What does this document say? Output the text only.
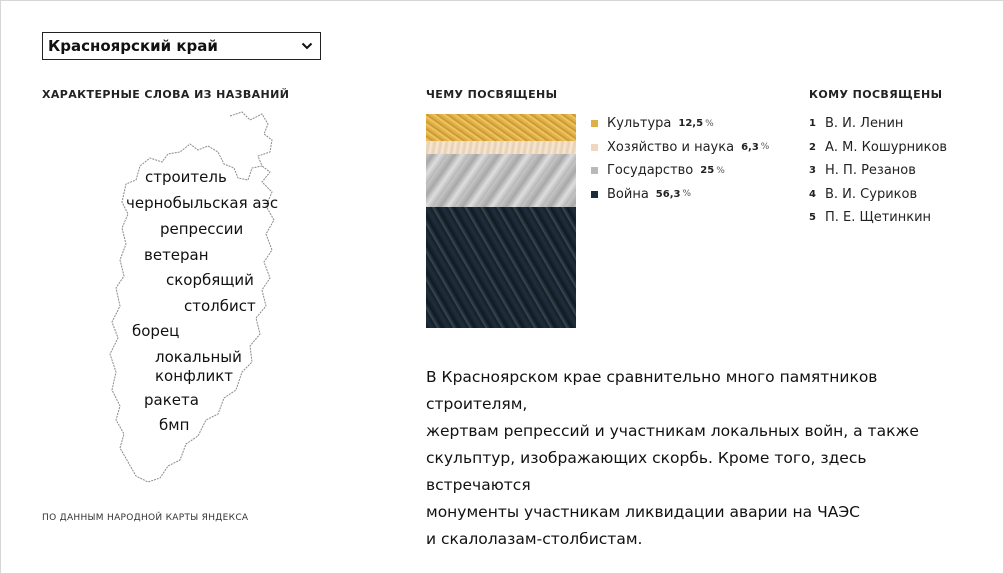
Красноярский край
ХАРАКТЕРНЫЕ СЛОВА ИЗ НАЗВАНИЙ
строитель
чернобыльская аэс
репрессии
ветеран
скорбящий
столбист
борец
локальный
конфликт
ракета
бмп
ПО ДАННЫМ НАРОДНОЙ КАРТЫ ЯНДЕКСА
ЧЕМУ ПОСВЯЩЕНЫ
Культура 12,5 %
Хозяйство и наука 6,3 %
Государство 25 %
Война 56,3 %
КОМУ ПОСВЯЩЕНЫ
1 В. И. Ленин
2 А. М. Кошурников
3 Н. П. Резанов
4 В. И. Суриков
5 П. Е. Щетинкин
В Красноярском крае сравнительно много памятников строителям,
жертвам репрессий и участникам локальных войн, а также
скульптур, изображающих скорбь. Кроме того, здесь встречаются
монументы участникам ликвидации аварии на ЧАЭС
и скалолазам-столбистам.
